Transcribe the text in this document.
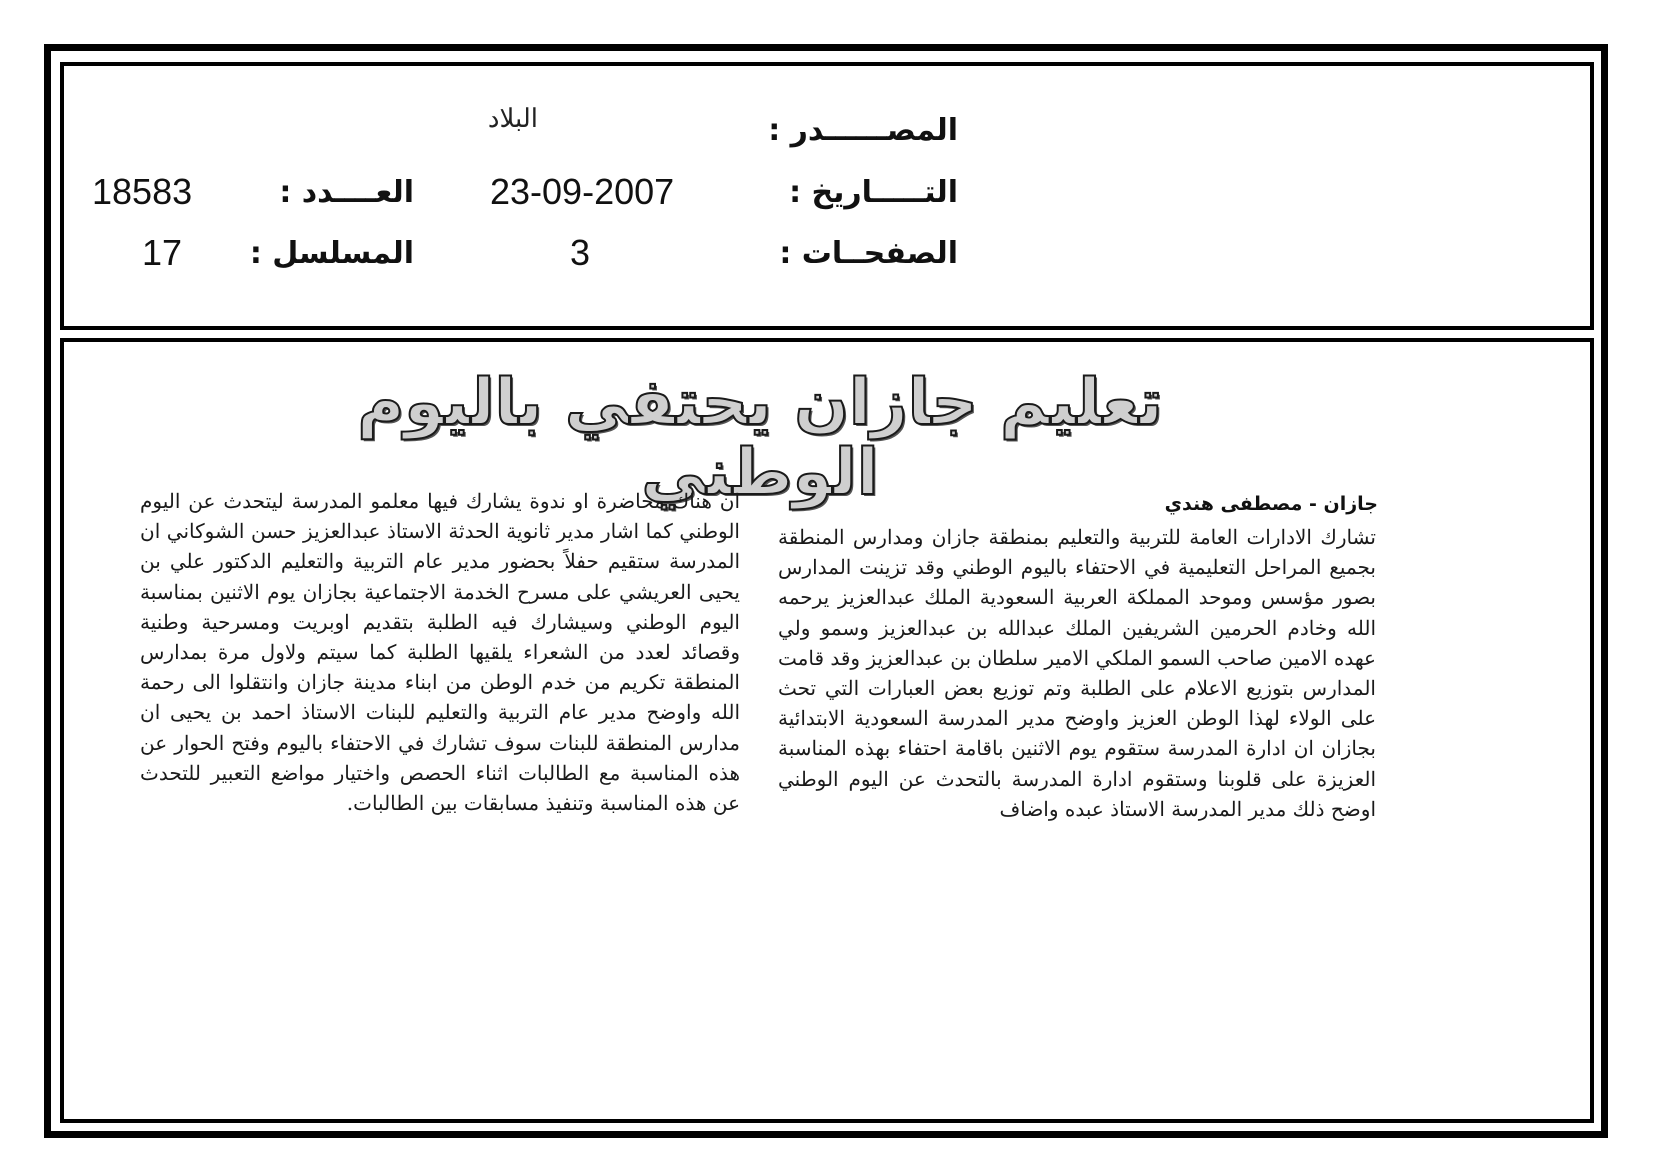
المصــــــدر :
البلاد
التـــــاريخ :
23-09-2007
العــــدد :
18583
الصفحــات :
3
المسلسل :
17
تعليم جازان يحتفي باليوم الوطني	جازان - مصطفى هندي

تشارك الادارات العامة للتربية والتعليم بمنطقة جازان ومدارس المنطقة بجميع المراحل التعليمية في الاحتفاء باليوم الوطني وقد تزينت المدارس بصور مؤسس وموحد المملكة العربية السعودية الملك عبدالعزيز يرحمه الله وخادم الحرمين الشريفين الملك عبدالله بن عبدالعزيز وسمو ولي عهده الامين صاحب السمو الملكي الامير سلطان بن عبدالعزيز وقد قامت المدارس بتوزيع الاعلام على الطلبة وتم توزيع بعض العبارات التي تحث على الولاء لهذا الوطن العزيز واوضح مدير المدرسة السعودية الابتدائية بجازان ان ادارة المدرسة ستقوم يوم الاثنين باقامة احتفاء بهذه المناسبة العزيزة على قلوبنا وستقوم ادارة المدرسة بالتحدث عن اليوم الوطني اوضح ذلك مدير المدرسة الاستاذ عبده واضاف

ان هناك محاضرة او ندوة يشارك فيها معلمو المدرسة ليتحدث عن اليوم الوطني كما اشار مدير ثانوية الحدثة الاستاذ عبدالعزيز حسن الشوكاني ان المدرسة ستقيم حفلاً بحضور مدير عام التربية والتعليم الدكتور علي بن يحيى العريشي على مسرح الخدمة الاجتماعية بجازان يوم الاثنين بمناسبة اليوم الوطني وسيشارك فيه الطلبة بتقديم اوبريت ومسرحية وطنية وقصائد لعدد من الشعراء يلقيها الطلبة كما سيتم ولاول مرة بمدارس المنطقة تكريم من خدم الوطن من ابناء مدينة جازان وانتقلوا الى رحمة الله واوضح مدير عام التربية والتعليم للبنات الاستاذ احمد بن يحيى ان مدارس المنطقة للبنات سوف تشارك في الاحتفاء باليوم وفتح الحوار عن هذه المناسبة مع الطالبات اثناء الحصص واختيار مواضع التعبير للتحدث عن هذه المناسبة وتنفيذ مسابقات بين الطالبات.
